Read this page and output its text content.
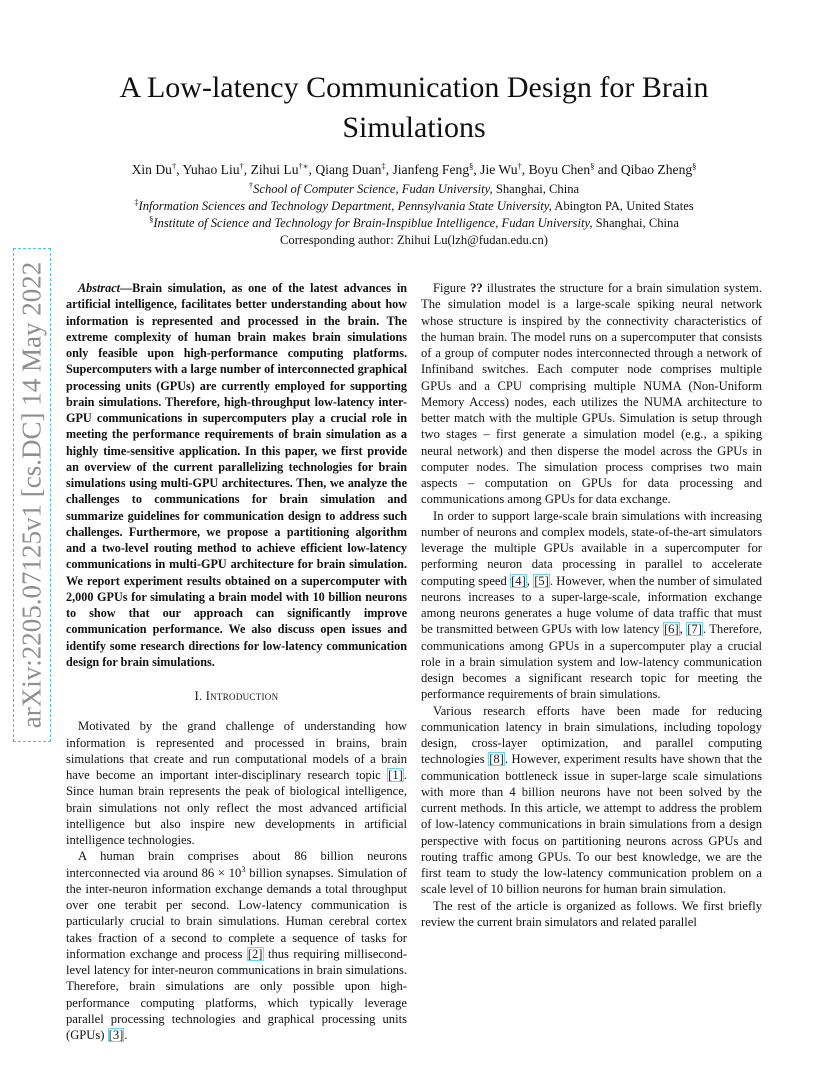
A Low-latency Communication Design for Brain Simulations
Xin Du†, Yuhao Liu†, Zihui Lu†∗, Qiang Duan‡, Jianfeng Feng§, Jie Wu†, Boyu Chen§ and Qibao Zheng§
†School of Computer Science, Fudan University, Shanghai, China
‡Information Sciences and Technology Department, Pennsylvania State University, Abington PA, United States
§Institute of Science and Technology for Brain-Inspiblue Intelligence, Fudan University, Shanghai, China
Corresponding author: Zhihui Lu(lzh@fudan.edu.cn)
arXiv:2205.07125v1 [cs.DC] 14 May 2022	Abstract—Brain simulation, as one of the latest advances in artificial intelligence, facilitates better understanding about how information is represented and processed in the brain. The extreme complexity of human brain makes brain simulations only feasible upon high-performance computing platforms. Supercomputers with a large number of interconnected graphical processing units (GPUs) are currently employed for supporting brain simulations. Therefore, high-throughput low-latency inter-GPU communications in supercomputers play a crucial role in meeting the performance requirements of brain simulation as a highly time-sensitive application. In this paper, we first provide an overview of the current parallelizing technologies for brain simulations using multi-GPU architectures. Then, we analyze the challenges to communications for brain simulation and summarize guidelines for communication design to address such challenges. Furthermore, we propose a partitioning algorithm and a two-level routing method to achieve efficient low-latency communications in multi-GPU architecture for brain simulation. We report experiment results obtained on a supercomputer with 2,000 GPUs for simulating a brain model with 10 billion neurons to show that our approach can significantly improve communication performance. We also discuss open issues and identify some research directions for low-latency communication design for brain simulations.

I. Introduction

Motivated by the grand challenge of understanding how information is represented and processed in brains, brain simulations that create and run computational models of a brain have become an important inter-disciplinary research topic [1]. Since human brain represents the peak of biological intelligence, brain simulations not only reflect the most advanced artificial intelligence but also inspire new developments in artificial intelligence technologies.

A human brain comprises about 86 billion neurons interconnected via around $86 \times 10^3$ billion synapses. Simulation of the inter-neuron information exchange demands a total throughput over one terabit per second. Low-latency communication is particularly crucial to brain simulations. Human cerebral cortex takes fraction of a second to complete a sequence of tasks for information exchange and process [2] thus requiring millisecond-level latency for inter-neuron communications in brain simulations. Therefore, brain simulations are only possible upon high-performance computing platforms, which typically leverage parallel processing technologies and graphical processing units (GPUs) [3].

Figure ?? illustrates the structure for a brain simulation system. The simulation model is a large-scale spiking neural network whose structure is inspired by the connectivity characteristics of the human brain. The model runs on a supercomputer that consists of a group of computer nodes interconnected through a network of Infiniband switches. Each computer node comprises multiple GPUs and a CPU comprising multiple NUMA (Non-Uniform Memory Access) nodes, each utilizes the NUMA architecture to better match with the multiple GPUs. Simulation is setup through two stages – first generate a simulation model (e.g., a spiking neural network) and then disperse the model across the GPUs in computer nodes. The simulation process comprises two main aspects – computation on GPUs for data processing and communications among GPUs for data exchange.

In order to support large-scale brain simulations with increasing number of neurons and complex models, state-of-the-art simulators leverage the multiple GPUs available in a supercomputer for performing neuron data processing in parallel to accelerate computing speed [4], [5]. However, when the number of simulated neurons increases to a super-large-scale, information exchange among neurons generates a huge volume of data traffic that must be transmitted between GPUs with low latency [6], [7]. Therefore, communications among GPUs in a supercomputer play a crucial role in a brain simulation system and low-latency communication design becomes a significant research topic for meeting the performance requirements of brain simulations.

Various research efforts have been made for reducing communication latency in brain simulations, including topology design, cross-layer optimization, and parallel computing technologies [8]. However, experiment results have shown that the communication bottleneck issue in super-large scale simulations with more than 4 billion neurons have not been solved by the current methods. In this article, we attempt to address the problem of low-latency communications in brain simulations from a design perspective with focus on partitioning neurons across GPUs and routing traffic among GPUs. To our best knowledge, we are the first team to study the low-latency communication problem on a scale level of 10 billion neurons for human brain simulation.

The rest of the article is organized as follows. We first briefly review the current brain simulators and related parallel
